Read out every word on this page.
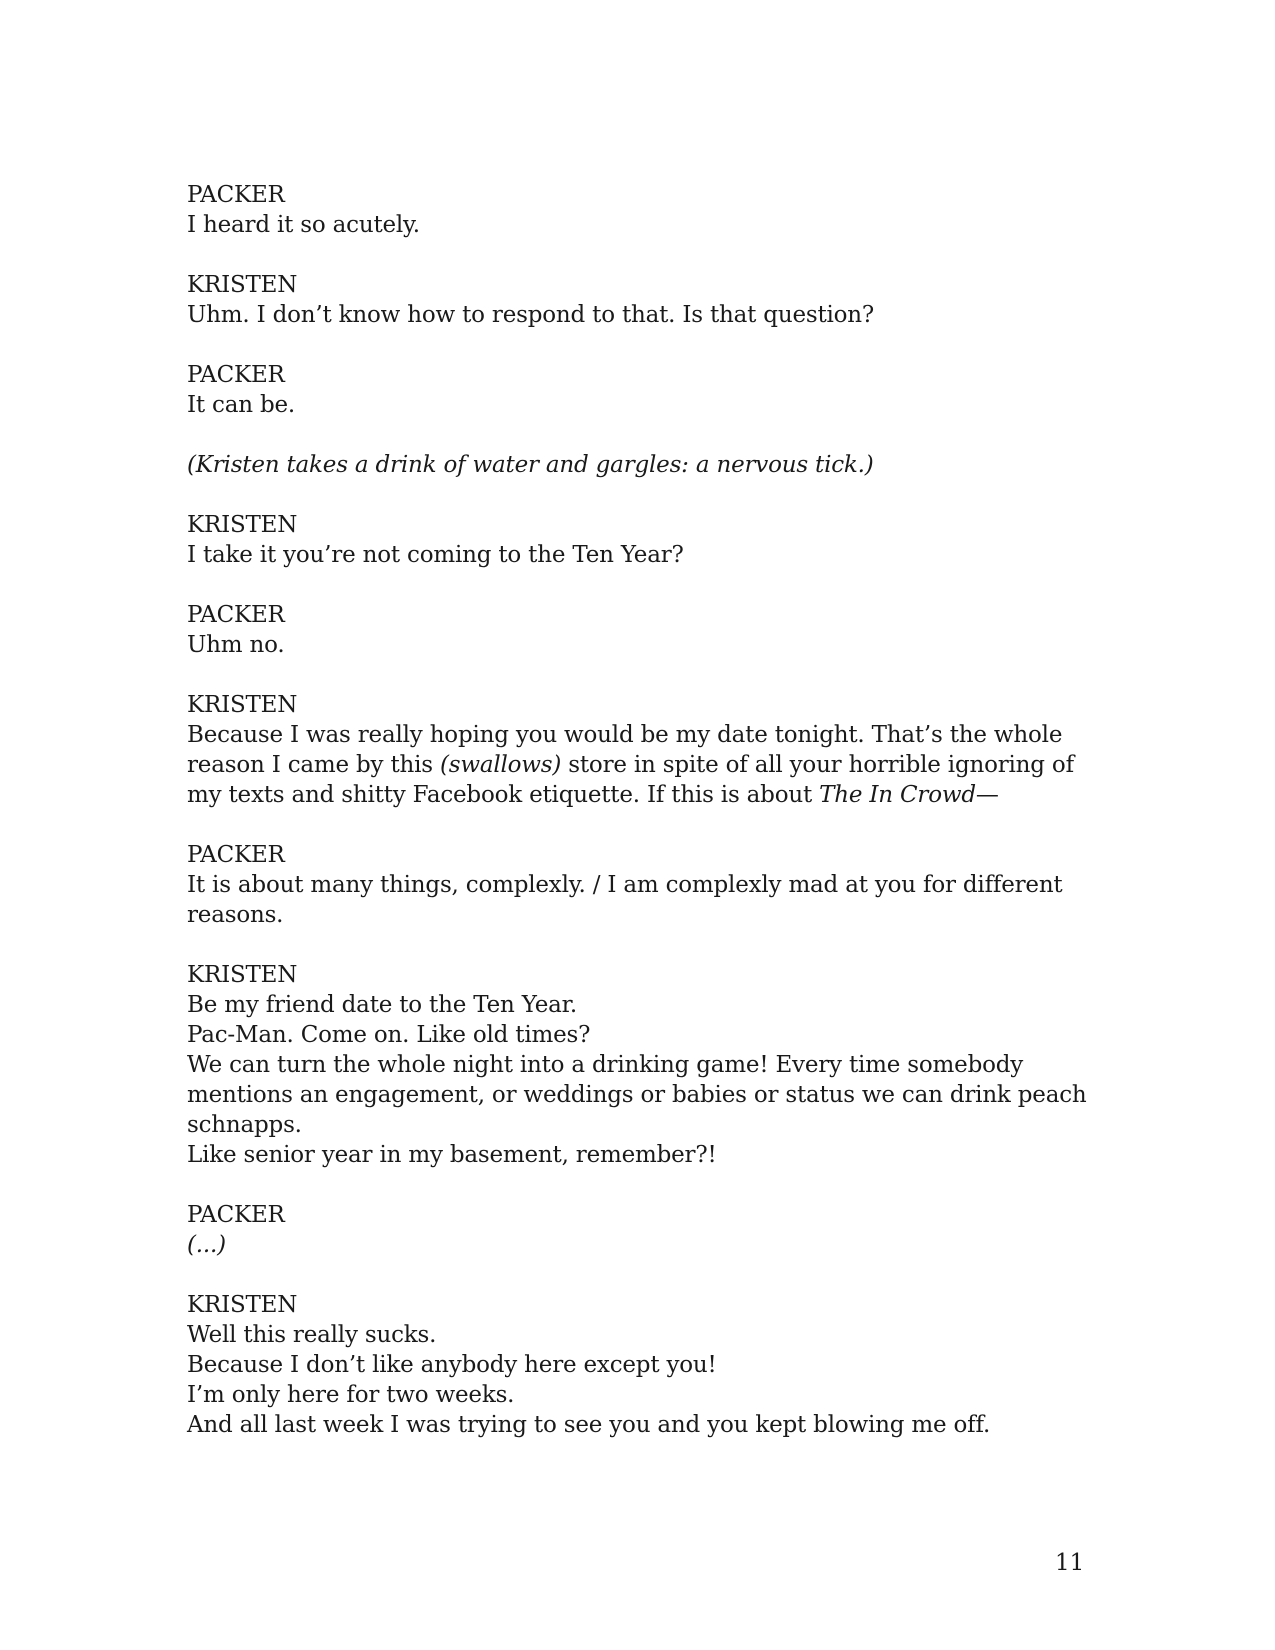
PACKER
I heard it so acutely.
KRISTEN
Uhm. I don’t know how to respond to that. Is that question?
PACKER
It can be.
(Kristen takes a drink of water and gargles: a nervous tick.)
KRISTEN
I take it you’re not coming to the Ten Year?
PACKER
Uhm no.
KRISTEN
Because I was really hoping you would be my date tonight. That’s the whole reason I came by this (swallows) store in spite of all your horrible ignoring of my texts and shitty Facebook etiquette. If this is about The In Crowd—
PACKER
It is about many things, complexly. / I am complexly mad at you for different reasons.
KRISTEN
Be my friend date to the Ten Year.
Pac-Man. Come on. Like old times?
We can turn the whole night into a drinking game! Every time somebody mentions an engagement, or weddings or babies or status we can drink peach schnapps.
Like senior year in my basement, remember?!
PACKER
(...)
KRISTEN
Well this really sucks.
Because I don’t like anybody here except you!
I’m only here for two weeks.
And all last week I was trying to see you and you kept blowing me off.
11
